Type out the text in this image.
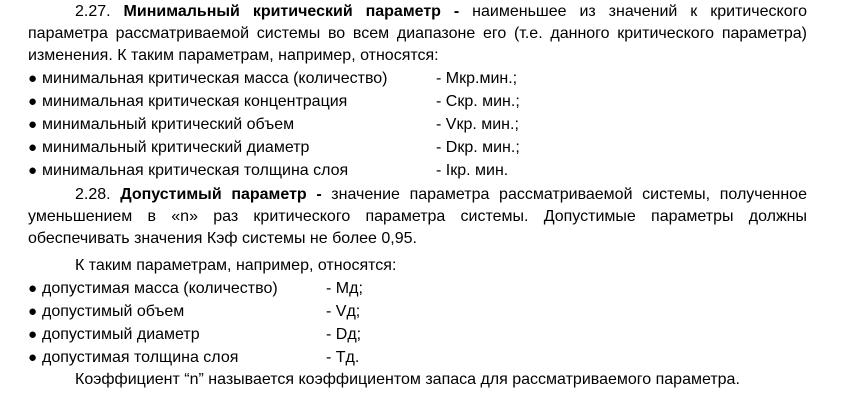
2.27. Минимальный критический параметр - наименьшее из значений к критического параметра рассматриваемой системы во всем диапазоне его (т.е. данного критического параметра) изменения. К таким параметрам, например, относятся:

● минимальная критическая масса (количество)	- Мкр.мин.;
● минимальная критическая концентрация	- Скр. мин.;
● минимальный критический объем	- Vкр. мин.;
● минимальный критический диаметр	- Dкр. мин.;
● минимальная критическая толщина слоя	- Iкр. мин.

2.28. Допустимый параметр - значение параметра рассматриваемой системы, полученное уменьшением в «n» раз критического параметра системы. Допустимые параметры должны обеспечивать значения Кэф системы не более 0,95.

К таким параметрам, например, относятся:

● допустимая масса (количество)	- Мд;
● допустимый объем	- Vд;
● допустимый диаметр	- Dд;
● допустимая толщина слоя	- Тд.

Коэффициент “n” называется коэффициентом запаса для рассматриваемого параметра.
